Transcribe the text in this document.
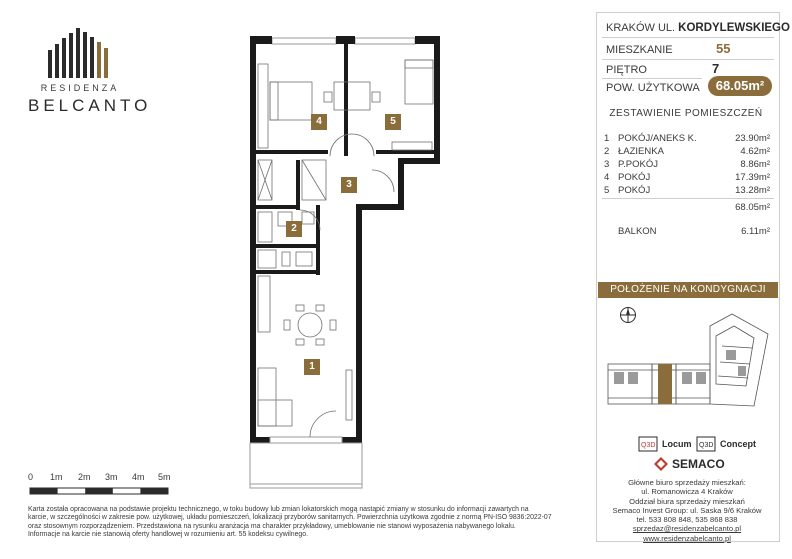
RESIDENZA
BELCANTO
4	5
3
2
1
0 1m 2m 3m 4m 5m
Karta została opracowana na podstawie projektu technicznego, w toku budowy lub zmian lokatorskich mogą nastąpić zmiany w stosunku do informacji zawartych na
karcie, w szczególności w zakresie pow. użytkowej, układu pomieszczeń, lokalizacji przyborów sanitarnych. Powierzchnia użytkowa zgodnie z normą PN-ISO 9836:2022-07
oraz stosownym rozporządzeniem. Przedstawiona na rysunku aranżacja ma charakter przykładowy, umeblowanie nie stanowi wyposażenia nabywanego lokalu.
Informacje na karcie nie stanowią oferty handlowej w rozumieniu art. 55 kodeksu cywilnego.
KRAKÓW UL. KORDYLEWSKIEGO
MIESZKANIE	55
PIĘTRO	7
POW. UŻYTKOWA	68.05m²
ZESTAWIENIE POMIESZCZEŃ
1 POKÓJ/ANEKS K.	23.90m²
2 ŁAZIENKA	4.62m²
3 P.POKÓJ	8.86m²
4 POKÓJ	17.39m²
5 POKÓJ	13.28m²
68.05m²
BALKON	6.11m²
POŁOŻENIE NA KONDYGNACJI
Q3D Locum Q3D Concept
SEMACO
Główne biuro sprzedaży mieszkań:
ul. Romanowicza 4 Kraków
Oddział biura sprzedaży mieszkań
Semaco Invest Group: ul. Saska 9/6 Kraków
tel. 533 808 848, 535 868 838
sprzedaz@residenzabelcanto.pl
www.residenzabelcanto.pl
